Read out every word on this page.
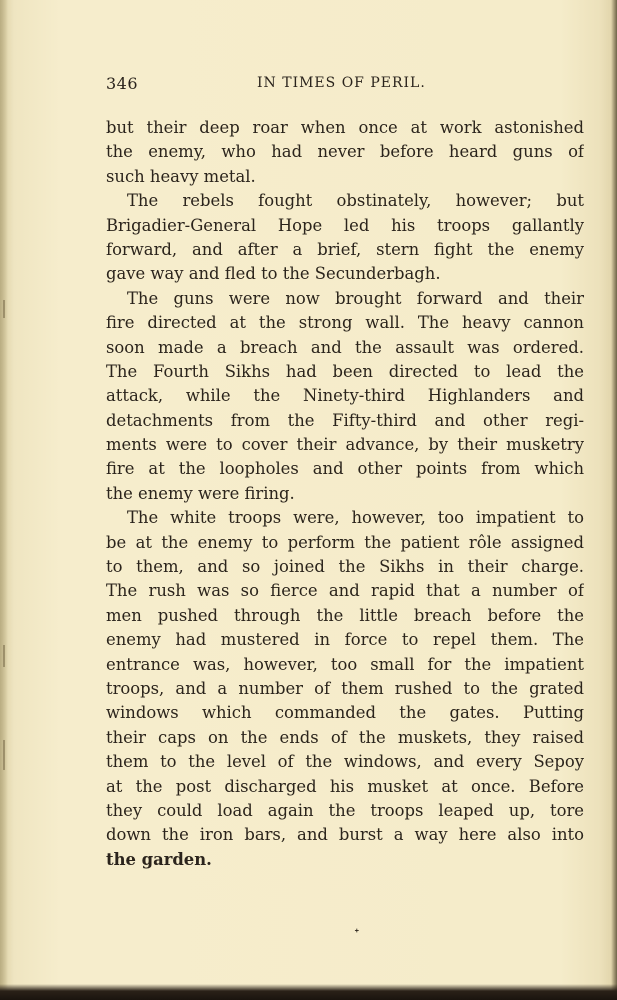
346	IN TIMES OF PERIL.
but their deep roar when once at work astonished
the enemy, who had never before heard guns of
such heavy metal.
The rebels fought obstinately, however; but
Brigadier-General Hope led his troops gallantly
forward, and after a brief, stern fight the enemy
gave way and fled to the Secunderbagh.
The guns were now brought forward and their
fire directed at the strong wall. The heavy cannon
soon made a breach and the assault was ordered.
The Fourth Sikhs had been directed to lead the
attack, while the Ninety-third Highlanders and
detachments from the Fifty-third and other regi-
ments were to cover their advance, by their musketry
fire at the loopholes and other points from which
the enemy were firing.
The white troops were, however, too impatient to
be at the enemy to perform the patient rôle assigned
to them, and so joined the Sikhs in their charge.
The rush was so fierce and rapid that a number of
men pushed through the little breach before the
enemy had mustered in force to repel them. The
entrance was, however, too small for the impatient
troops, and a number of them rushed to the grated
windows which commanded the gates. Putting
their caps on the ends of the muskets, they raised
them to the level of the windows, and every Sepoy
at the post discharged his musket at once. Before
they could load again the troops leaped up, tore
down the iron bars, and burst a way here also into
the garden.
ᐩ
